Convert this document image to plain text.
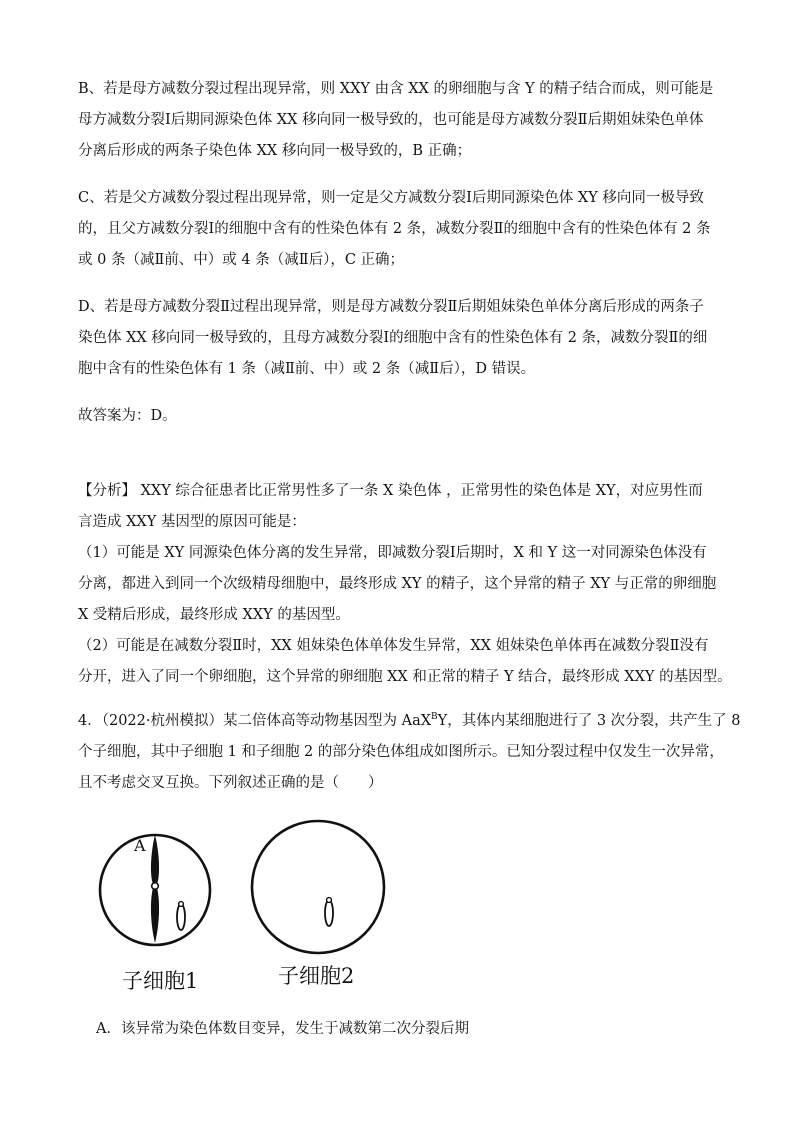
B、若是母方减数分裂过程出现异常，则 XXY 由含 XX 的卵细胞与含 Y 的精子结合而成，则可能是
母方减数分裂Ⅰ后期同源染色体 XX 移向同一极导致的，也可能是母方减数分裂Ⅱ后期姐妹染色单体
分离后形成的两条子染色体 XX 移向同一极导致的，B 正确；

C、若是父方减数分裂过程出现异常，则一定是父方减数分裂Ⅰ后期同源染色体 XY 移向同一极导致
的，且父方减数分裂Ⅰ的细胞中含有的性染色体有 2 条，减数分裂Ⅱ的细胞中含有的性染色体有 2 条
或 0 条（减Ⅱ前、中）或 4 条（减Ⅱ后），C 正确；

D、若是母方减数分裂Ⅱ过程出现异常，则是母方减数分裂Ⅱ后期姐妹染色单体分离后形成的两条子
染色体 XX 移向同一极导致的，且母方减数分裂Ⅰ的细胞中含有的性染色体有 2 条，减数分裂Ⅱ的细
胞中含有的性染色体有 1 条（减Ⅱ前、中）或 2 条（减Ⅱ后），D 错误。

故答案为：D。

【分析】 XXY 综合征患者比正常男性多了一条 X 染色体 ，正常男性的染色体是 XY，对应男性而
言造成 XXY 基因型的原因可能是：
（1）可能是 XY 同源染色体分离的发生异常，即减数分裂Ⅰ后期时，X 和 Y 这一对同源染色体没有
分离，都进入到同一个次级精母细胞中，最终形成 XY 的精子，这个异常的精子 XY 与正常的卵细胞
X 受精后形成，最终形成 XXY 的基因型。
（2）可能是在减数分裂Ⅱ时，XX 姐妹染色体单体发生异常，XX 姐妹染色单体再在减数分裂Ⅱ没有
分开，进入了同一个卵细胞，这个异常的卵细胞 XX 和正常的精子 Y 结合，最终形成 XXY 的基因型。

4．（2022·杭州模拟）某二倍体高等动物基因型为 AaX$^B$Y，其体内某细胞进行了 3 次分裂，共产生了 8
个子细胞，其中子细胞 1 和子细胞 2 的部分染色体组成如图所示。已知分裂过程中仅发生一次异常，
且不考虑交叉互换。下列叙述正确的是（　　）

A
子细胞1	子细胞2

A．该异常为染色体数目变异，发生于减数第二次分裂后期
